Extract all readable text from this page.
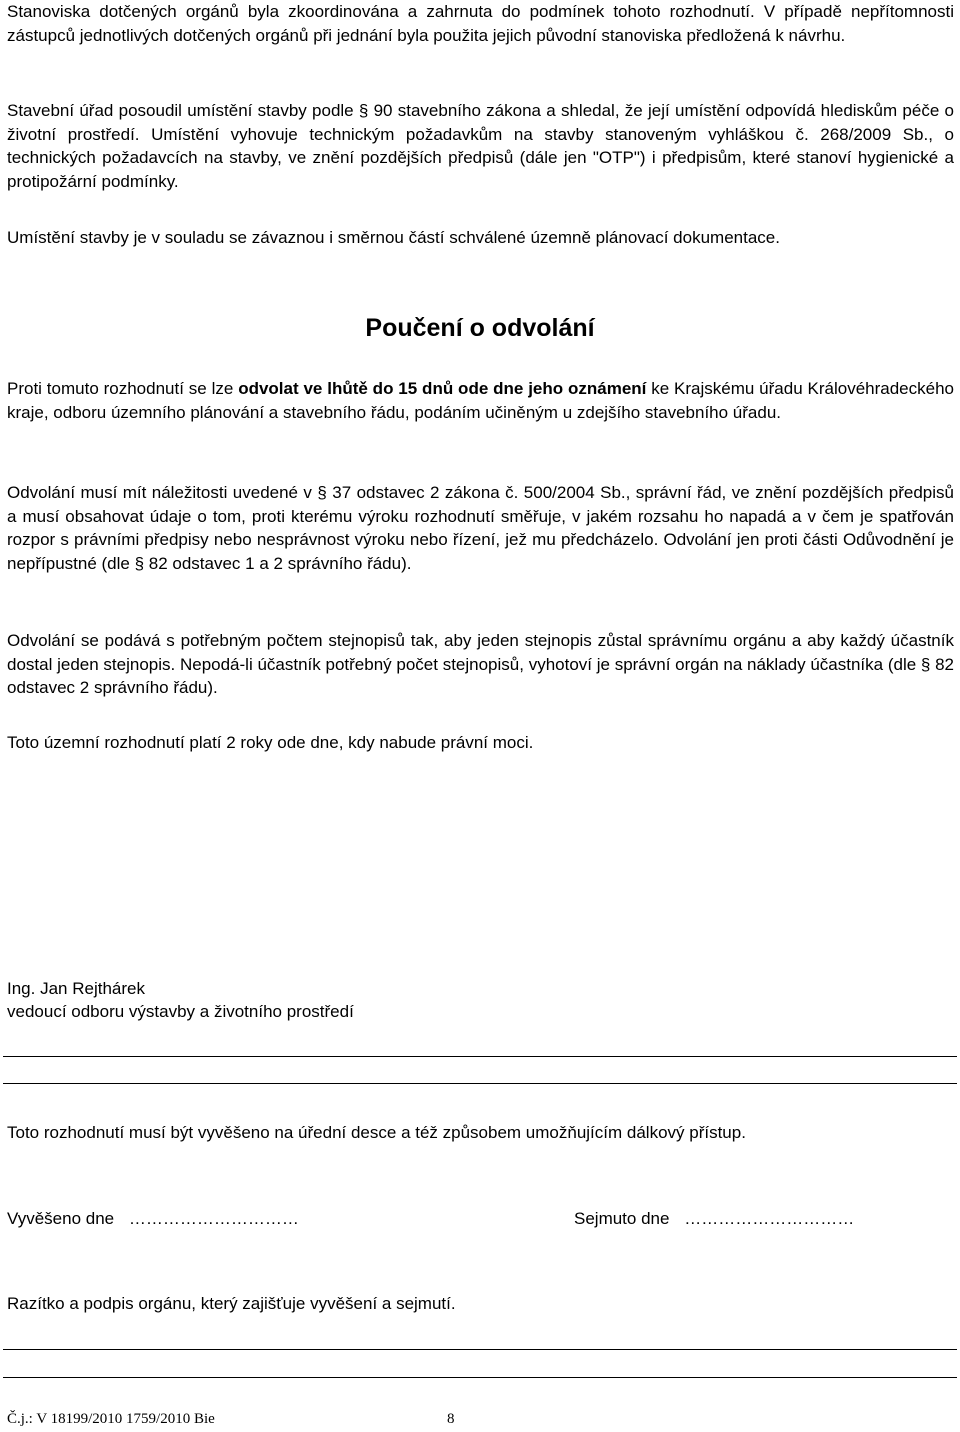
Stanoviska dotčených orgánů byla zkoordinována a zahrnuta do podmínek tohoto rozhodnutí. V případě nepřítomnosti zástupců jednotlivých dotčených orgánů při jednání byla použita jejich původní stanoviska předložená k návrhu.

Stavební úřad posoudil umístění stavby podle § 90 stavebního zákona a shledal, že její umístění odpovídá hlediskům péče o životní prostředí. Umístění vyhovuje technickým požadavkům na stavby stanoveným vyhláškou č. 268/2009 Sb., o technických požadavcích na stavby, ve znění pozdějších předpisů (dále jen "OTP") i předpisům, které stanoví hygienické a protipožární podmínky.

Umístění stavby je v souladu se závaznou i směrnou částí schválené územně plánovací dokumentace.

Poučení o odvolání

Proti tomuto rozhodnutí se lze odvolat ve lhůtě do 15 dnů ode dne jeho oznámení ke Krajskému úřadu Královéhradeckého kraje, odboru územního plánování a stavebního řádu, podáním učiněným u zdejšího stavebního úřadu.

Odvolání musí mít náležitosti uvedené v § 37 odstavec 2 zákona č. 500/2004 Sb., správní řád, ve znění pozdějších předpisů a musí obsahovat údaje o tom, proti kterému výroku rozhodnutí směřuje, v jakém rozsahu ho napadá a v čem je spatřován rozpor s právními předpisy nebo nesprávnost výroku nebo řízení, jež mu předcházelo. Odvolání jen proti části Odůvodnění je nepřípustné (dle § 82 odstavec 1 a 2 správního řádu).

Odvolání se podává s potřebným počtem stejnopisů tak, aby jeden stejnopis zůstal správnímu orgánu a aby každý účastník dostal jeden stejnopis. Nepodá-li účastník potřebný počet stejnopisů, vyhotoví je správní orgán na náklady účastníka (dle § 82 odstavec 2 správního řádu).

Toto územní rozhodnutí platí 2 roky ode dne, kdy nabude právní moci.

Ing. Jan Rejthárek
vedoucí odboru výstavby a životního prostředí

Toto rozhodnutí musí být vyvěšeno na úřední desce a též způsobem umožňujícím dálkový přístup.

Vyvěšeno dne …………………………	Sejmuto dne …………………………
Razítko a podpis orgánu, který zajišťuje vyvěšení a sejmutí.
Č.j.: V 18199/2010 1759/2010 Bie	8
